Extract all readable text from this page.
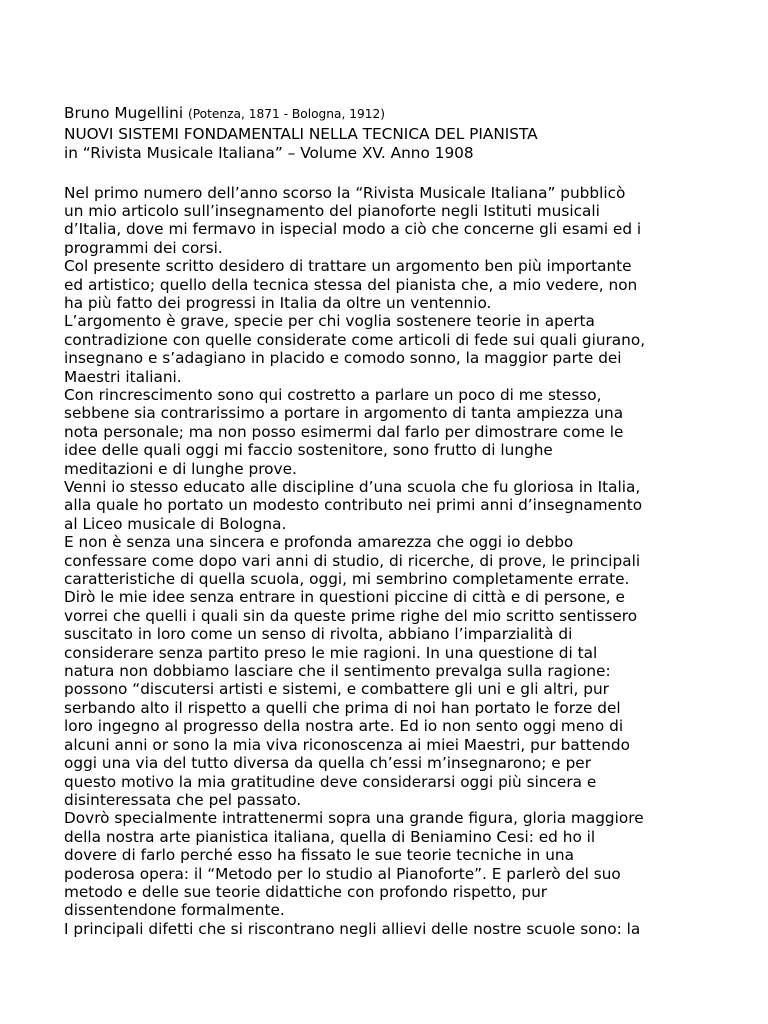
Bruno Mugellini (Potenza, 1871 - Bologna, 1912)
NUOVI SISTEMI FONDAMENTALI NELLA TECNICA DEL PIANISTA
in “Rivista Musicale Italiana” – Volume XV. Anno 1908

Nel primo numero dell’anno scorso la “Rivista Musicale Italiana” pubblicò
un mio articolo sull’insegnamento del pianoforte negli Istituti musicali
d’Italia, dove mi fermavo in ispecial modo a ciò che concerne gli esami ed i
programmi dei corsi.

Col presente scritto desidero di trattare un argomento ben più importante
ed artistico; quello della tecnica stessa del pianista che, a mio vedere, non
ha più fatto dei progressi in Italia da oltre un ventennio.

L’argomento è grave, specie per chi voglia sostenere teorie in aperta
contradizione con quelle considerate come articoli di fede sui quali giurano,
insegnano e s’adagiano in placido e comodo sonno, la maggior parte dei
Maestri italiani.

Con rincrescimento sono qui costretto a parlare un poco di me stesso,
sebbene sia contrarissimo a portare in argomento di tanta ampiezza una
nota personale; ma non posso esimermi dal farlo per dimostrare come le
idee delle quali oggi mi faccio sostenitore, sono frutto di lunghe
meditazioni e di lunghe prove.

Venni io stesso educato alle discipline d’una scuola che fu gloriosa in Italia,
alla quale ho portato un modesto contributo nei primi anni d’insegnamento
al Liceo musicale di Bologna.

E non è senza una sincera e profonda amarezza che oggi io debbo
confessare come dopo vari anni di studio, di ricerche, di prove, le principali
caratteristiche di quella scuola, oggi, mi sembrino completamente errate.

Dirò le mie idee senza entrare in questioni piccine di città e di persone, e
vorrei che quelli i quali sin da queste prime righe del mio scritto sentissero
suscitato in loro come un senso di rivolta, abbiano l’imparzialità di
considerare senza partito preso le mie ragioni. In una questione di tal
natura non dobbiamo lasciare che il sentimento prevalga sulla ragione:
possono “discutersi artisti e sistemi, e combattere gli uni e gli altri, pur
serbando alto il rispetto a quelli che prima di noi han portato le forze del
loro ingegno al progresso della nostra arte. Ed io non sento oggi meno di
alcuni anni or sono la mia viva riconoscenza ai miei Maestri, pur battendo
oggi una via del tutto diversa da quella ch’essi m’insegnarono; e per
questo motivo la mia gratitudine deve considerarsi oggi più sincera e
disinteressata che pel passato.

Dovrò specialmente intrattenermi sopra una grande figura, gloria maggiore
della nostra arte pianistica italiana, quella di Beniamino Cesi: ed ho il
dovere di farlo perché esso ha fissato le sue teorie tecniche in una
poderosa opera: il “Metodo per lo studio al Pianoforte”. E parlerò del suo
metodo e delle sue teorie didattiche con profondo rispetto, pur
dissentendone formalmente.

I principali difetti che si riscontrano negli allievi delle nostre scuole sono: la
